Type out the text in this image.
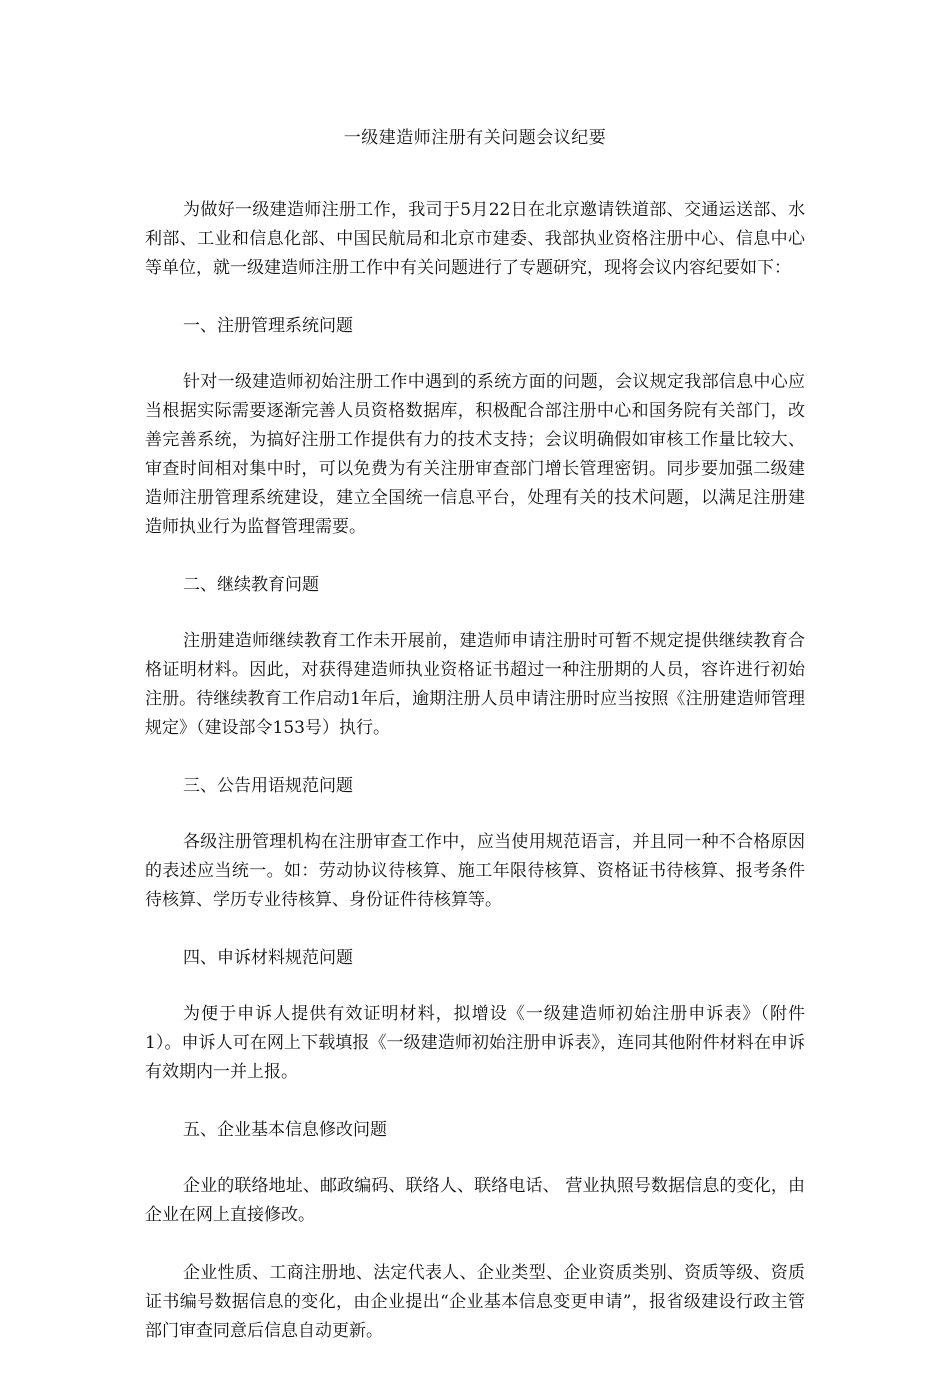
一级建造师注册有关问题会议纪要

为做好一级建造师注册工作，我司于5月22日在北京邀请铁道部、交通运送部、水利部、工业和信息化部、中国民航局和北京市建委、我部执业资格注册中心、信息中心等单位，就一级建造师注册工作中有关问题进行了专题研究，现将会议内容纪要如下：

一、注册管理系统问题

针对一级建造师初始注册工作中遇到的系统方面的问题，会议规定我部信息中心应当根据实际需要逐渐完善人员资格数据库，积极配合部注册中心和国务院有关部门，改善完善系统，为搞好注册工作提供有力的技术支持；会议明确假如审核工作量比较大、审查时间相对集中时，可以免费为有关注册审查部门增长管理密钥。同步要加强二级建造师注册管理系统建设，建立全国统一信息平台，处理有关的技术问题，以满足注册建造师执业行为监督管理需要。

二、继续教育问题

注册建造师继续教育工作未开展前，建造师申请注册时可暂不规定提供继续教育合格证明材料。因此，对获得建造师执业资格证书超过一种注册期的人员，容许进行初始注册。待继续教育工作启动1年后，逾期注册人员申请注册时应当按照《注册建造师管理规定》（建设部令153号）执行。

三、公告用语规范问题

各级注册管理机构在注册审查工作中，应当使用规范语言，并且同一种不合格原因的表述应当统一。如：劳动协议待核算、施工年限待核算、资格证书待核算、报考条件待核算、学历专业待核算、身份证件待核算等。

四、申诉材料规范问题

为便于申诉人提供有效证明材料，拟增设《一级建造师初始注册申诉表》（附件1）。申诉人可在网上下载填报《一级建造师初始注册申诉表》，连同其他附件材料在申诉有效期内一并上报。

五、企业基本信息修改问题

企业的联络地址、邮政编码、联络人、联络电话、 营业执照号数据信息的变化，由企业在网上直接修改。

企业性质、工商注册地、法定代表人、企业类型、企业资质类别、资质等级、资质证书编号数据信息的变化，由企业提出“企业基本信息变更申请”，报省级建设行政主管部门审查同意后信息自动更新。
